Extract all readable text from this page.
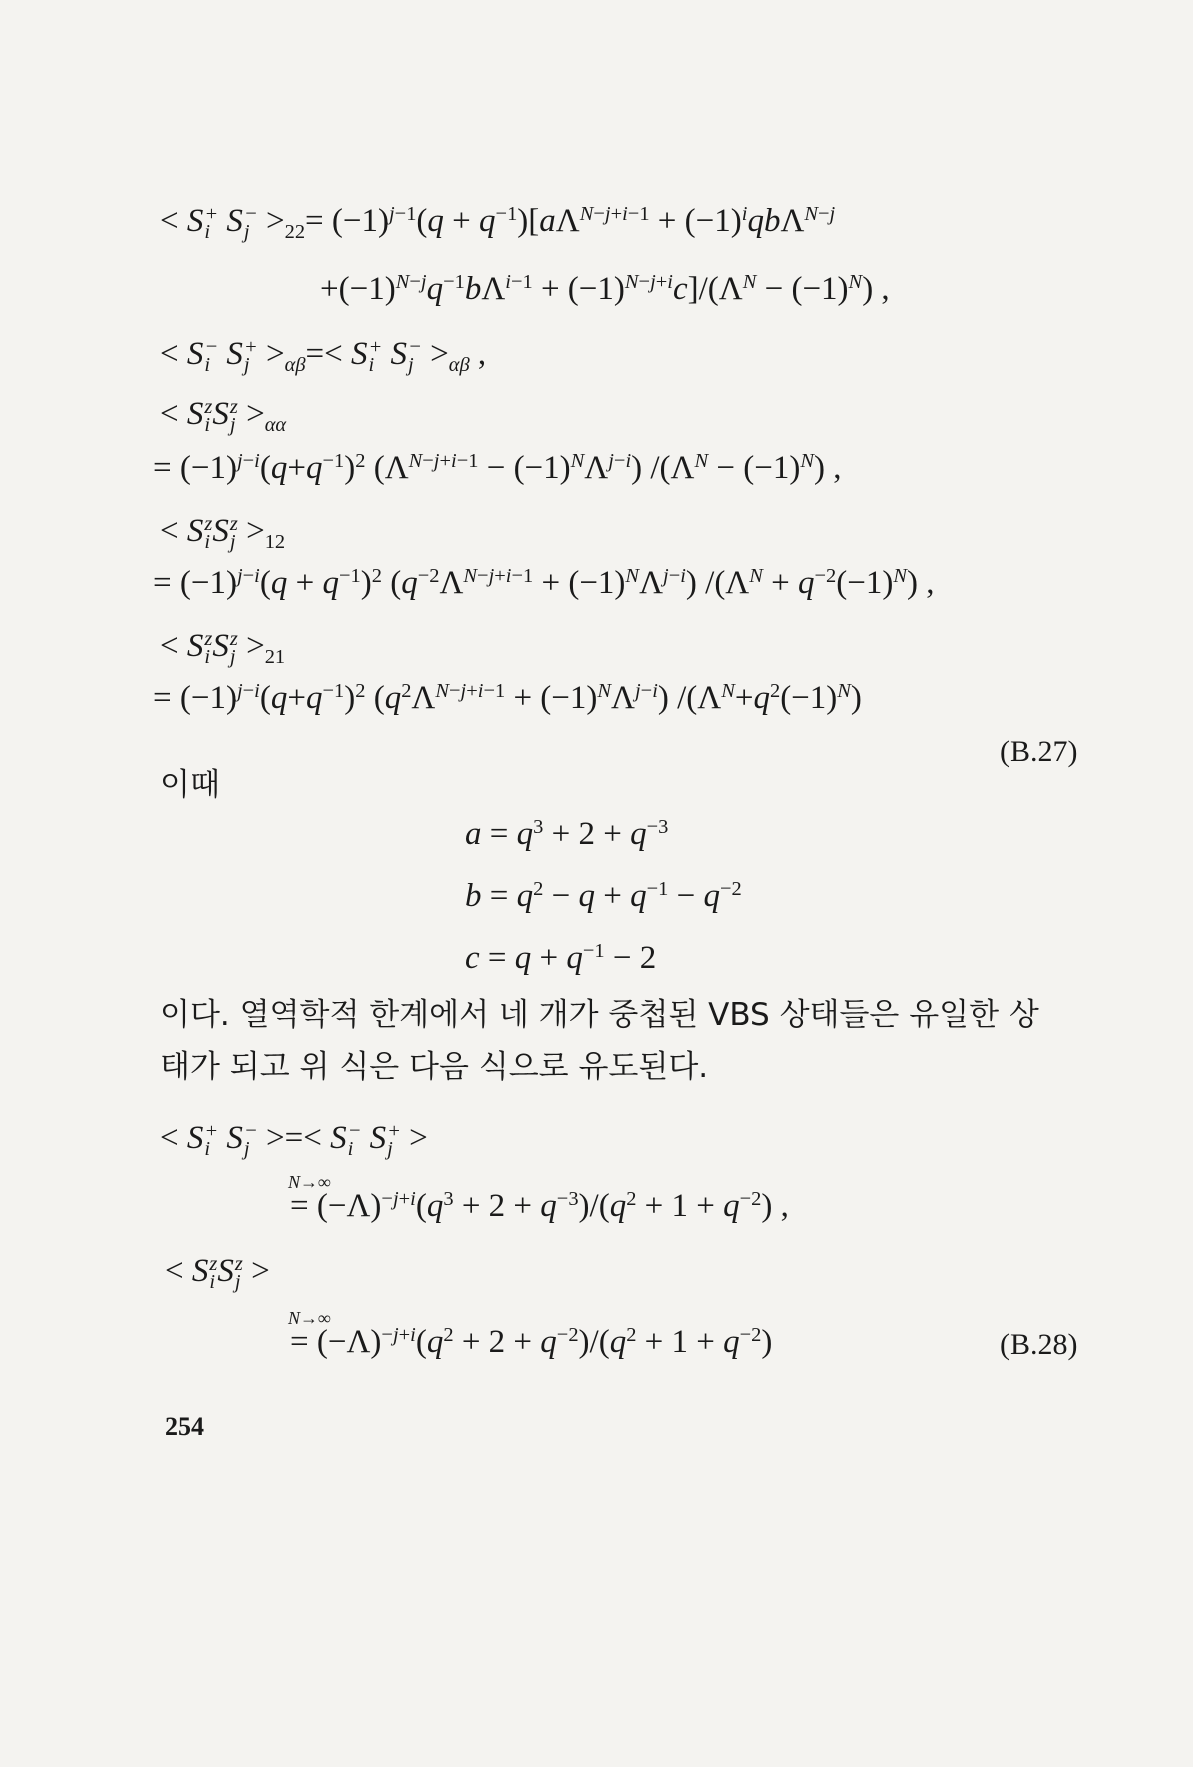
< S +
i S −
$j >_{22}= (-1)^{j-1}(q + q^{-1})[a\Lambda^{N-j+i-1} + (-1)^iqb\Lambda^{N-j}$
$+(-1)^{N-j}q^{-1}b\Lambda^{i-1} + (-1)^{N-j+i}c]/(\Lambda^N - (-1)^N)$ ,
< S −
i S +
$j >_{\alpha\beta}=< S$ +
i S −
$j >_{\alpha\beta}$ ,
< S z
i S z
$j >_{\alpha\alpha}$
= $(-1)^{j-i}(q+q^{-1})^2$ $(\Lambda^{N-j+i-1} - (-1)^N\Lambda^{j-i}) /(\Lambda^N - (-1)^N)$ ,
< S z
i S z
$j >_{12}$
= $(-1)^{j-i}(q + q^{-1})^2$ $(q^{-2}\Lambda^{N-j+i-1} + (-1)^N\Lambda^{j-i}) /(\Lambda^N + q^{-2}(-1)^N)$ ,
< S z
i S z
$j >_{21}$
= $(-1)^{j-i}(q+q^{-1})^2$ $(q^2\Lambda^{N-j+i-1} + (-1)^N\Lambda^{j-i})$ $/(\Lambda^N+q^2(-1)^N)$
(B.27)
이때
$a = q^3 + 2 + q^{-3}$
$b = q^2 - q + q^{-1} - q^{-2}$
$c = q + q^{-1} - 2$
이다. 열역학적 한계에서 네 개가 중첩된 VBS 상태들은 유일한 상
태가 되고 위 식은 다음 식으로 유도된다.
< S +
i S −
j >=< S −
i S +
j >
=
N→∞
$(-\Lambda)^{-j+i}(q^3 + 2 + q^{-3})/(q^2 + 1 + q^{-2})$ ,
< S z
i S z
j >
=
N→∞
$(-\Lambda)^{-j+i}(q^2 + 2 + q^{-2})/(q^2 + 1 + q^{-2})$	(B.28)
254
